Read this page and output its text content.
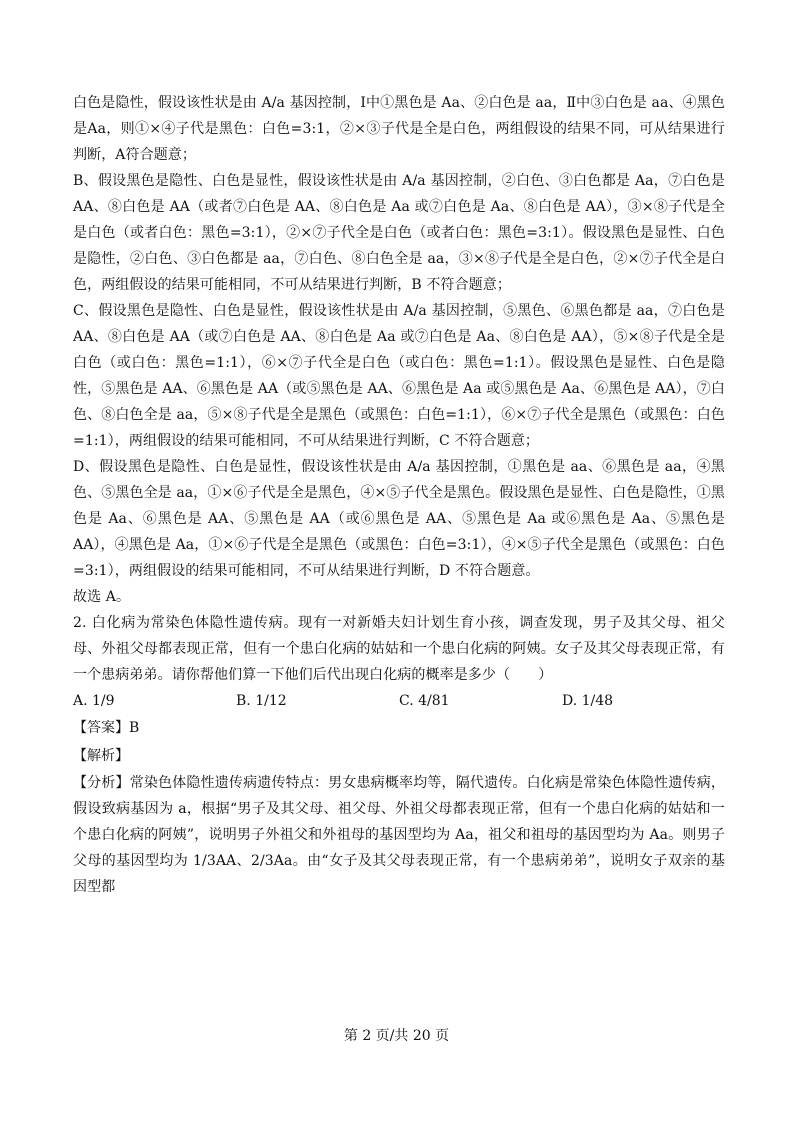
白色是隐性，假设该性状是由 A/a 基因控制，Ⅰ中①黑色是 Aa、②白色是 aa，Ⅱ中③白色是 aa、④黑色是Aa，则①×④子代是黑色：白色=3:1，②×③子代是全是白色，两组假设的结果不同，可从结果进行判断，A符合题意；

B、假设黑色是隐性、白色是显性，假设该性状是由 A/a 基因控制，②白色、③白色都是 Aa，⑦白色是 AA、⑧白色是 AA（或者⑦白色是 AA、⑧白色是 Aa 或⑦白色是 Aa、⑧白色是 AA），③×⑧子代是全是白色（或者白色：黑色=3:1），②×⑦子代全是白色（或者白色：黑色=3:1）。假设黑色是显性、白色是隐性，②白色、③白色都是 aa，⑦白色、⑧白色全是 aa，③×⑧子代是全是白色，②×⑦子代全是白色，两组假设的结果可能相同，不可从结果进行判断，B 不符合题意；

C、假设黑色是隐性、白色是显性，假设该性状是由 A/a 基因控制，⑤黑色、⑥黑色都是 aa，⑦白色是 AA、⑧白色是 AA（或⑦白色是 AA、⑧白色是 Aa 或⑦白色是 Aa、⑧白色是 AA），⑤×⑧子代是全是白色（或白色：黑色=1:1），⑥×⑦子代全是白色（或白色：黑色=1:1）。假设黑色是显性、白色是隐性，⑤黑色是 AA、⑥黑色是 AA（或⑤黑色是 AA、⑥黑色是 Aa 或⑤黑色是 Aa、⑥黑色是 AA），⑦白色、⑧白色全是 aa，⑤×⑧子代是全是黑色（或黑色：白色=1:1），⑥×⑦子代全是黑色（或黑色：白色=1:1），两组假设的结果可能相同，不可从结果进行判断，C 不符合题意；

D、假设黑色是隐性、白色是显性，假设该性状是由 A/a 基因控制，①黑色是 aa、⑥黑色是 aa，④黑色、⑤黑色全是 aa，①×⑥子代是全是黑色，④×⑤子代全是黑色。假设黑色是显性、白色是隐性，①黑色是 Aa、⑥黑色是 AA、⑤黑色是 AA（或⑥黑色是 AA、⑤黑色是 Aa 或⑥黑色是 Aa、⑤黑色是 AA），④黑色是 Aa，①×⑥子代是全是黑色（或黑色：白色=3:1），④×⑤子代全是黑色（或黑色：白色=3:1），两组假设的结果可能相同，不可从结果进行判断，D 不符合题意。

故选 A。

2. 白化病为常染色体隐性遗传病。现有一对新婚夫妇计划生育小孩，调查发现，男子及其父母、祖父母、外祖父母都表现正常，但有一个患白化病的姑姑和一个患白化病的阿姨。女子及其父母表现正常，有一个患病弟弟。请你帮他们算一下他们后代出现白化病的概率是多少（　　）

A. 1/9	B. 1/12	C. 4/81	D. 1/48

【答案】B

【解析】

【分析】常染色体隐性遗传病遗传特点：男女患病概率均等，隔代遗传。白化病是常染色体隐性遗传病，假设致病基因为 a，根据“男子及其父母、祖父母、外祖父母都表现正常，但有一个患白化病的姑姑和一个患白化病的阿姨”，说明男子外祖父和外祖母的基因型均为 Aa，祖父和祖母的基因型均为 Aa。则男子父母的基因型均为 1/3AA、2/3Aa。由“女子及其父母表现正常，有一个患病弟弟”，说明女子双亲的基因型都

第 2 页/共 20 页
